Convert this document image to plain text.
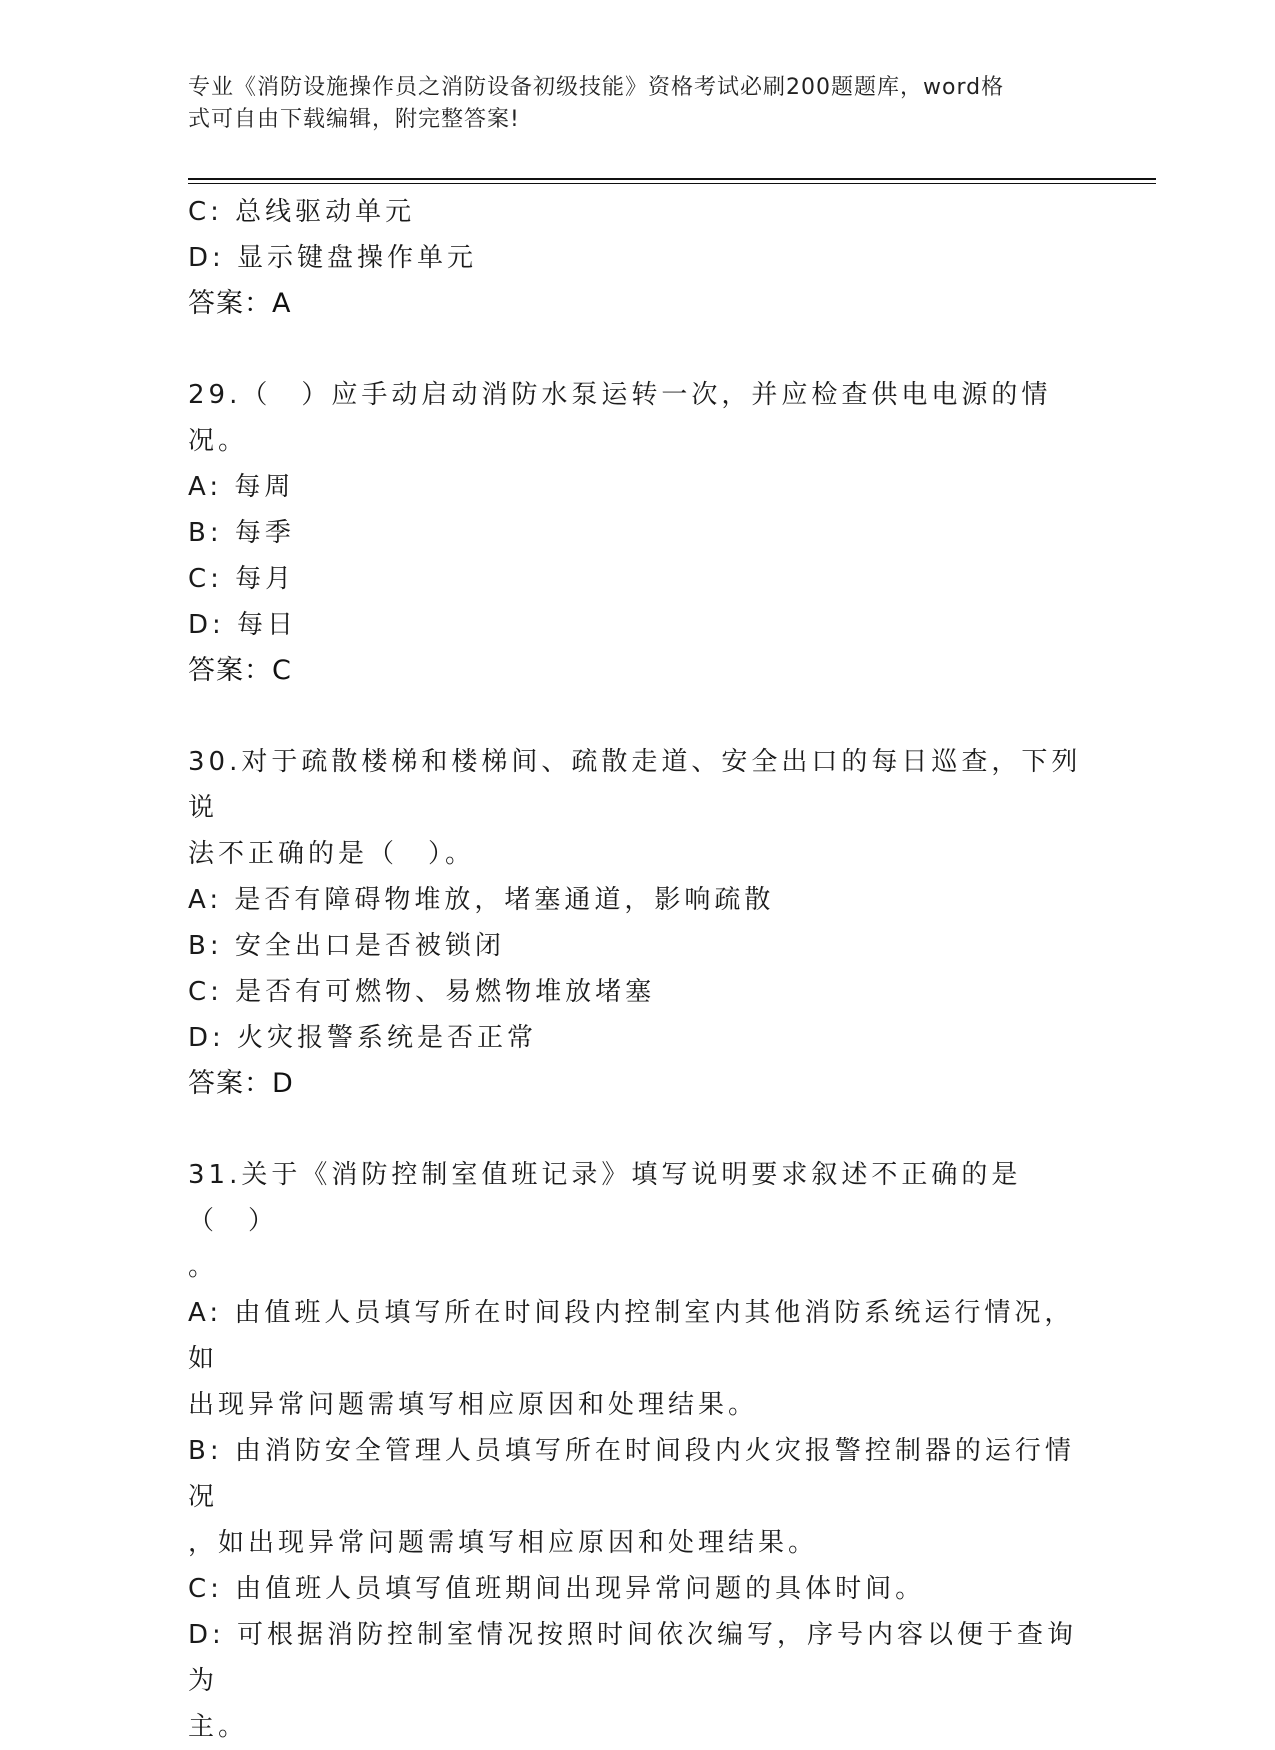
专业《消防设施操作员之消防设备初级技能》资格考试必刷200题题库，word格
式可自由下载编辑，附完整答案!

C: 总线驱动单元

D: 显示键盘操作单元

答案：A

29.（　）应手动启动消防水泵运转一次，并应检查供电电源的情况。

A: 每周

B: 每季

C: 每月

D: 每日

答案：C

30.对于疏散楼梯和楼梯间、疏散走道、安全出口的每日巡查，下列说

法不正确的是（　）。

A: 是否有障碍物堆放，堵塞通道，影响疏散

B: 安全出口是否被锁闭

C: 是否有可燃物、易燃物堆放堵塞

D: 火灾报警系统是否正常

答案：D

31.关于《消防控制室值班记录》填写说明要求叙述不正确的是（　）

。

A: 由值班人员填写所在时间段内控制室内其他消防系统运行情况，如

出现异常问题需填写相应原因和处理结果。

B: 由消防安全管理人员填写所在时间段内火灾报警控制器的运行情况

，如出现异常问题需填写相应原因和处理结果。

C: 由值班人员填写值班期间出现异常问题的具体时间。

D: 可根据消防控制室情况按照时间依次编写，序号内容以便于查询为

主。
